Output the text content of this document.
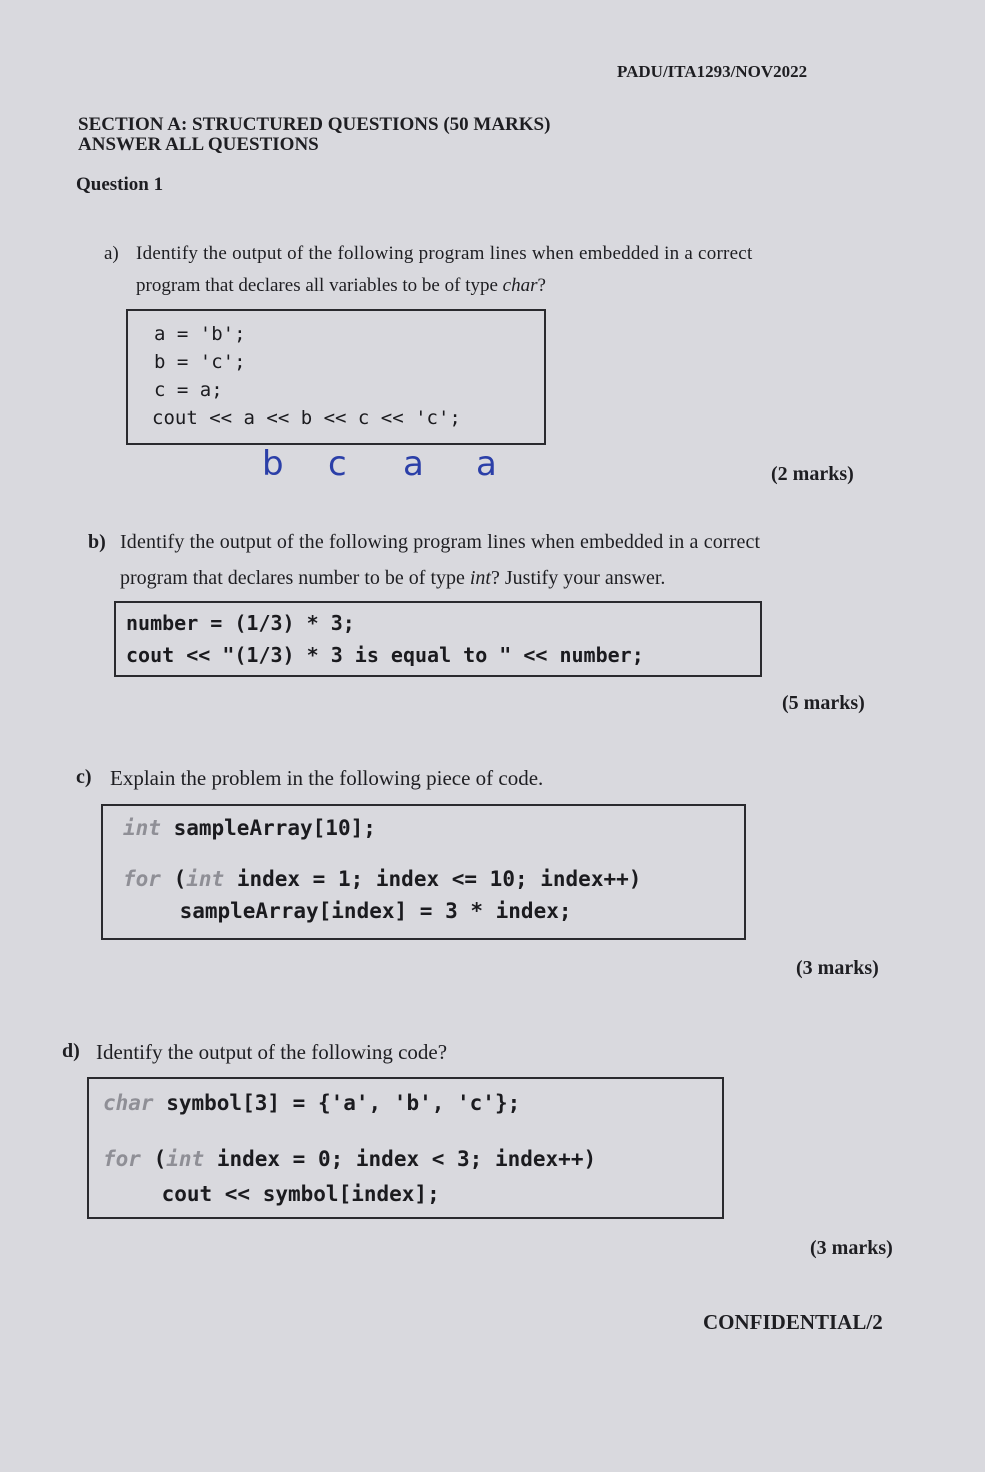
PADU/ITA1293/NOV2022
SECTION A: STRUCTURED QUESTIONS (50 MARKS)
ANSWER ALL QUESTIONS
Question 1
a) Identify the output of the following program lines when embedded in a correct
program that declares all variables to be of type char?
a = 'b';
b = 'c';
c = a;
cout << a << b << c << 'c';
b c a a	(2 marks)
b) Identify the output of the following program lines when embedded in a correct
program that declares number to be of type int? Justify your answer.
number = (1/3) * 3;
cout << "(1/3) * 3 is equal to " << number;
(5 marks)
c) Explain the problem in the following piece of code.
int sampleArray[10];
for (int index = 1; index <= 10; index++)
sampleArray[index] = 3 * index;
(3 marks)
d) Identify the output of the following code?
char symbol[3] = {'a', 'b', 'c'};
for (int index = 0; index < 3; index++)
cout << symbol[index];
(3 marks)
CONFIDENTIAL/2
